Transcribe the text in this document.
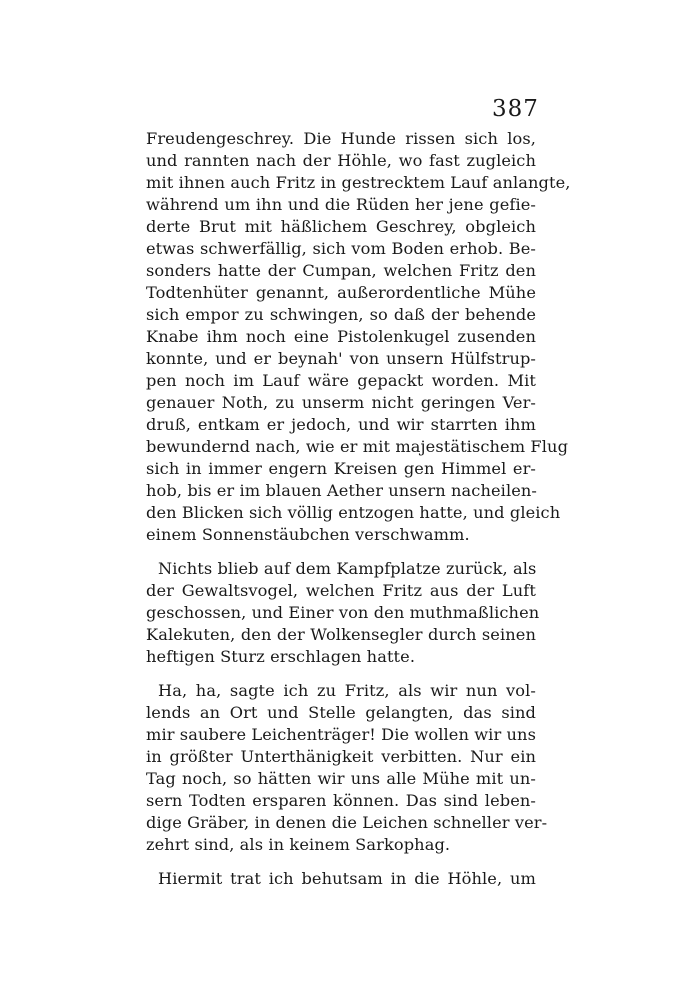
387
Freudengeschrey. Die Hunde rissen sich los,
und rannten nach der Höhle, wo fast zugleich
mit ihnen auch Fritz in gestrecktem Lauf anlangte,
während um ihn und die Rüden her jene gefie-
derte Brut mit häßlichem Geschrey, obgleich
etwas schwerfällig, sich vom Boden erhob. Be-
sonders hatte der Cumpan, welchen Fritz den
Todtenhüter genannt, außerordentliche Mühe
sich empor zu schwingen, so daß der behende
Knabe ihm noch eine Pistolenkugel zusenden
konnte, und er beynah' von unsern Hülfstrup-
pen noch im Lauf wäre gepackt worden. Mit
genauer Noth, zu unserm nicht geringen Ver-
druß, entkam er jedoch, und wir starrten ihm
bewundernd nach, wie er mit majestätischem Flug
sich in immer engern Kreisen gen Himmel er-
hob, bis er im blauen Aether unsern nacheilen-
den Blicken sich völlig entzogen hatte, und gleich
einem Sonnenstäubchen verschwamm.
Nichts blieb auf dem Kampfplatze zurück, als
der Gewaltsvogel, welchen Fritz aus der Luft
geschossen, und Einer von den muthmaßlichen
Kalekuten, den der Wolkensegler durch seinen
heftigen Sturz erschlagen hatte.
Ha, ha, sagte ich zu Fritz, als wir nun vol-
lends an Ort und Stelle gelangten, das sind
mir saubere Leichenträger! Die wollen wir uns
in größter Unterthänigkeit verbitten. Nur ein
Tag noch, so hätten wir uns alle Mühe mit un-
sern Todten ersparen können. Das sind leben-
dige Gräber, in denen die Leichen schneller ver-
zehrt sind, als in keinem Sarkophag.
Hiermit trat ich behutsam in die Höhle, um
